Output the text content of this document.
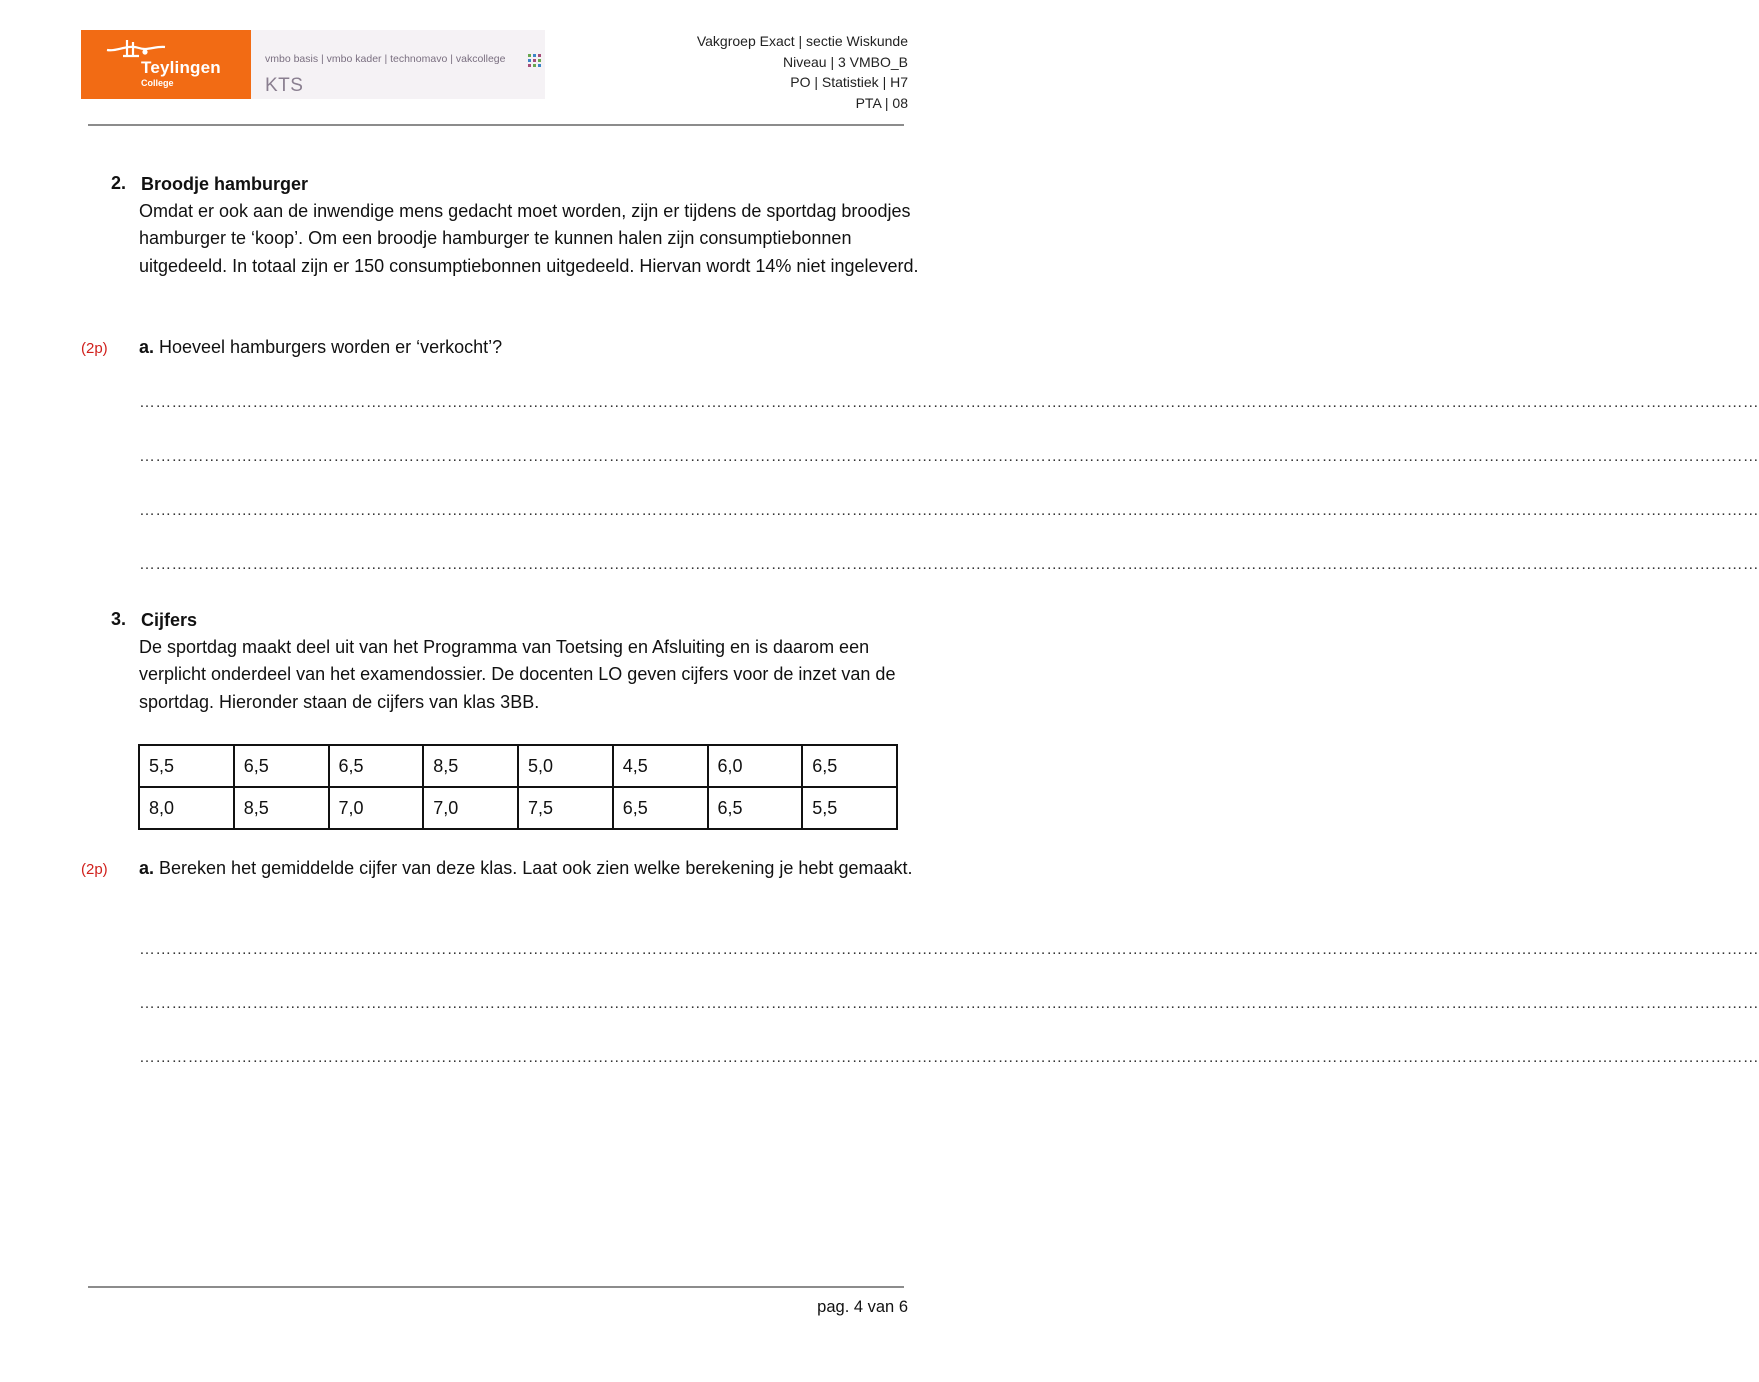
Teylingen
College
vmbo basis | vmbo kader | technomavo | vakcollege
KTS
Vakgroep Exact | sectie Wiskunde
Niveau | 3 VMBO_B
PO | Statistiek | H7
PTA | 08
2. Broodje hamburger
Omdat er ook aan de inwendige mens gedacht moet worden, zijn er tijdens de sportdag broodjes hamburger te ‘koop’. Om een broodje hamburger te kunnen halen zijn consumptiebonnen uitgedeeld. In totaal zijn er 150 consumptiebonnen uitgedeeld. Hiervan wordt 14% niet ingeleverd.
(2p) a. Hoeveel hamburgers worden er ‘verkocht’?
…………………………………………………………………………………………………………………………………………………………………………………………………………………………………………………………………………
…………………………………………………………………………………………………………………………………………………………………………………………………………………………………………………………………………
…………………………………………………………………………………………………………………………………………………………………………………………………………………………………………………………………………
…………………………………………………………………………………………………………………………………………………………………………………………………………………………………………………………………………
3. Cijfers
De sportdag maakt deel uit van het Programma van Toetsing en Afsluiting en is daarom een verplicht onderdeel van het examendossier. De docenten LO geven cijfers voor de inzet van de sportdag. Hieronder staan de cijfers van klas 3BB.
5,5	6,5	6,5	8,5	5,0	4,5	6,0	6,5
8,0	8,5	7,0	7,0	7,5	6,5	6,5	5,5
(2p) a. Bereken het gemiddelde cijfer van deze klas. Laat ook zien welke berekening je hebt gemaakt.
…………………………………………………………………………………………………………………………………………………………………………………………………………………………………………………………………………
…………………………………………………………………………………………………………………………………………………………………………………………………………………………………………………………………………
…………………………………………………………………………………………………………………………………………………………………………………………………………………………………………………………………………
pag. 4 van 6
